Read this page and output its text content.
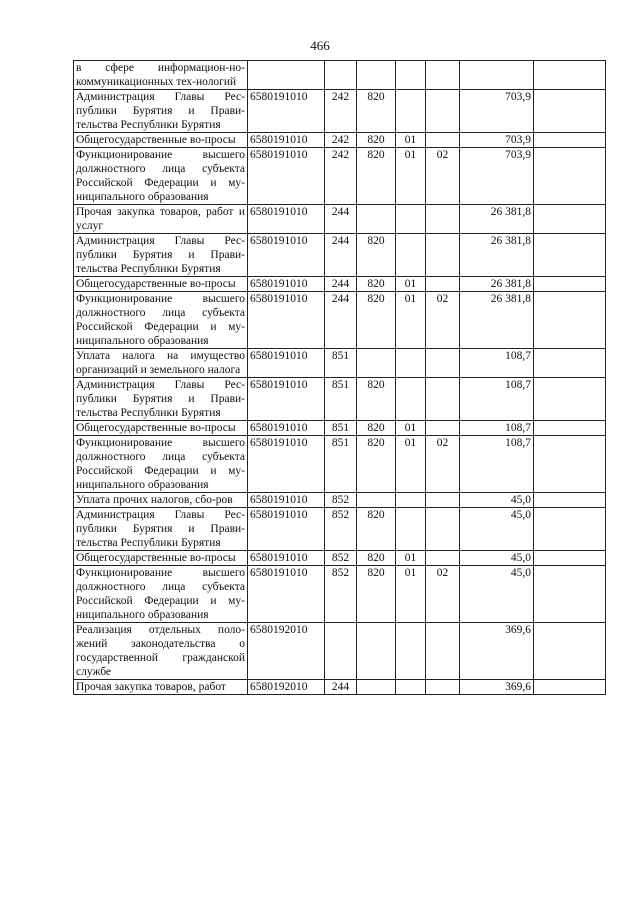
466
в сфере информацион-но-коммуникационных тех-нологий							
Администрация Главы Рес-публики Бурятия и Прави-тельства Республики Бурятия	6580191010	242	820			703,9	
Общегосударственные во-просы	6580191010	242	820	01		703,9	
Функционирование высшего должностного лица субъекта Российской Федерации и му-ниципального образования	6580191010	242	820	01	02	703,9	
Прочая закупка товаров, работ и услуг	6580191010	244				26 381,8	
Администрация Главы Рес-публики Бурятия и Прави-тельства Республики Бурятия	6580191010	244	820			26 381,8	
Общегосударственные во-просы	6580191010	244	820	01		26 381,8	
Функционирование высшего должностного лица субъекта Российской Федерации и му-ниципального образования	6580191010	244	820	01	02	26 381,8	
Уплата налога на имущество организаций и земельного налога	6580191010	851				108,7	
Администрация Главы Рес-публики Бурятия и Прави-тельства Республики Бурятия	6580191010	851	820			108,7	
Общегосударственные во-просы	6580191010	851	820	01		108,7	
Функционирование высшего должностного лица субъекта Российской Федерации и му-ниципального образования	6580191010	851	820	01	02	108,7	
Уплата прочих налогов, сбо-ров	6580191010	852				45,0	
Администрация Главы Рес-публики Бурятия и Прави-тельства Республики Бурятия	6580191010	852	820			45,0	
Общегосударственные во-просы	6580191010	852	820	01		45,0	
Функционирование высшего должностного лица субъекта Российской Федерации и му-ниципального образования	6580191010	852	820	01	02	45,0	
Реализация отдельных поло-жений законодательства о государственной гражданской службе	6580192010					369,6	
Прочая закупка товаров, работ	6580192010	244				369,6	
